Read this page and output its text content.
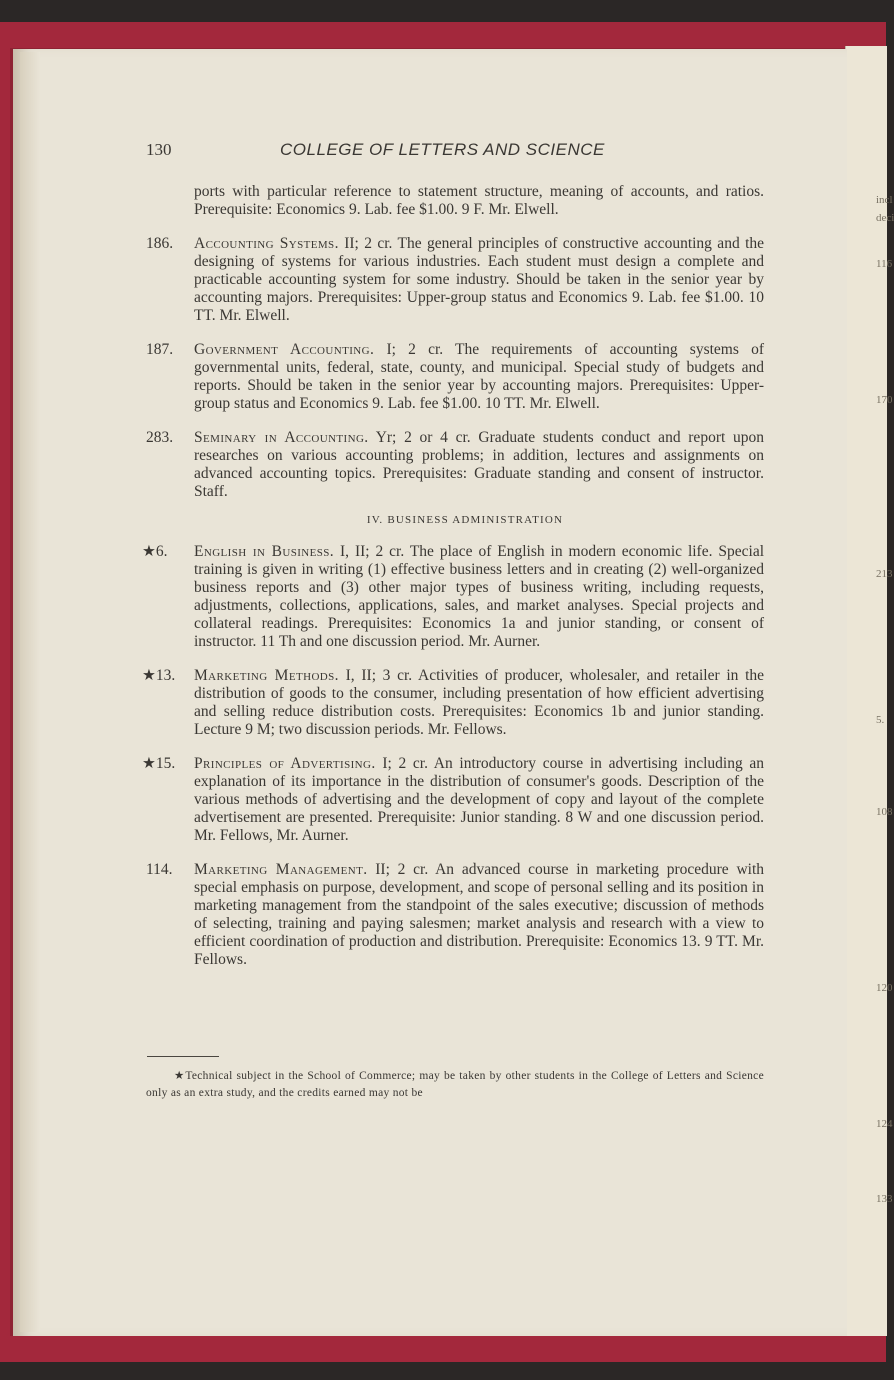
incl
deci
116
170
213
5.
108
120
124
133
130	COLLEGE OF LETTERS AND SCIENCE
ports with particular reference to statement structure, meaning of accounts, and ratios. Prerequisite: Economics 9. Lab. fee $1.00. 9 F. Mr. Elwell.
186. Accounting Systems. II; 2 cr. The general principles of constructive accounting and the designing of systems for various industries. Each student must design a complete and practicable accounting system for some industry. Should be taken in the senior year by accounting majors. Prerequisites: Upper-group status and Economics 9. Lab. fee $1.00. 10 TT. Mr. Elwell.
187. Government Accounting. I; 2 cr. The requirements of accounting systems of governmental units, federal, state, county, and municipal. Special study of budgets and reports. Should be taken in the senior year by accounting majors. Prerequisites: Upper-group status and Economics 9. Lab. fee $1.00. 10 TT. Mr. Elwell.
283. Seminary in Accounting. Yr; 2 or 4 cr. Graduate students conduct and report upon researches on various accounting problems; in addition, lectures and assignments on advanced accounting topics. Prerequisites: Graduate standing and consent of instructor. Staff.
IV. BUSINESS ADMINISTRATION
★6. English in Business. I, II; 2 cr. The place of English in modern economic life. Special training is given in writing (1) effective business letters and in creating (2) well-organized business reports and (3) other major types of business writing, including requests, adjustments, collections, applications, sales, and market analyses. Special projects and collateral readings. Prerequisites: Economics 1a and junior standing, or consent of instructor. 11 Th and one discussion period. Mr. Aurner.
★13. Marketing Methods. I, II; 3 cr. Activities of producer, wholesaler, and retailer in the distribution of goods to the consumer, including presentation of how efficient advertising and selling reduce distribution costs. Prerequisites: Economics 1b and junior standing. Lecture 9 M; two discussion periods. Mr. Fellows.
★15. Principles of Advertising. I; 2 cr. An introductory course in advertising including an explanation of its importance in the distribution of consumer's goods. Description of the various methods of advertising and the development of copy and layout of the complete advertisement are presented. Prerequisite: Junior standing. 8 W and one discussion period. Mr. Fellows, Mr. Aurner.
114. Marketing Management. II; 2 cr. An advanced course in marketing procedure with special emphasis on purpose, development, and scope of personal selling and its position in marketing management from the standpoint of the sales executive; discussion of methods of selecting, training and paying salesmen; market analysis and research with a view to efficient coordination of production and distribution. Prerequisite: Economics 13. 9 TT. Mr. Fellows.
★Technical subject in the School of Commerce; may be taken by other students in the College of Letters and Science only as an extra study, and the credits earned may not be
